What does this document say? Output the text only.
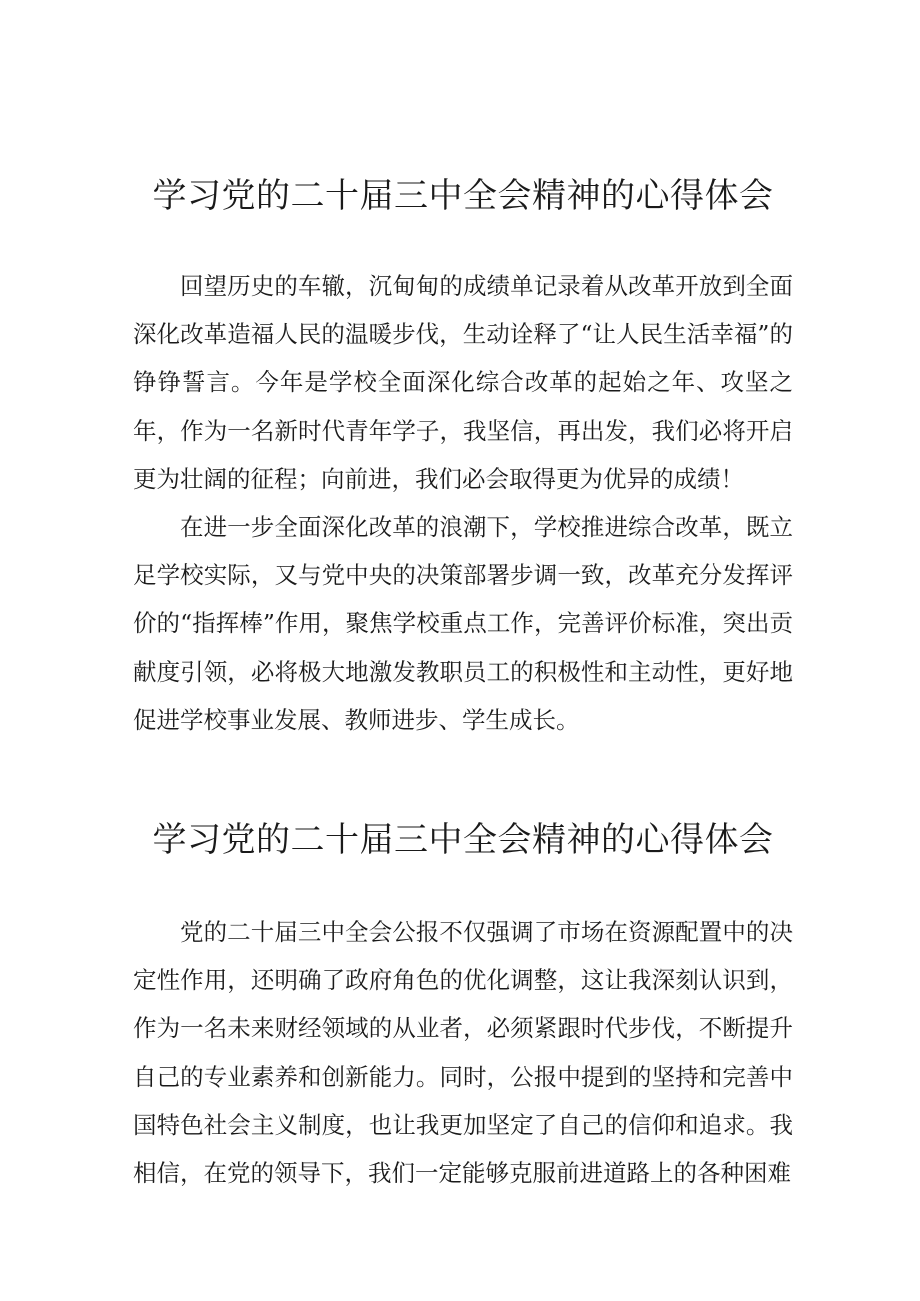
学习党的二十届三中全会精神的心得体会

回望历史的车辙，沉甸甸的成绩单记录着从改革开放到全面深化改革造福人民的温暖步伐，生动诠释了“让人民生活幸福”的铮铮誓言。今年是学校全面深化综合改革的起始之年、攻坚之年，作为一名新时代青年学子，我坚信，再出发，我们必将开启更为壮阔的征程；向前进，我们必会取得更为优异的成绩！

在进一步全面深化改革的浪潮下，学校推进综合改革，既立足学校实际，又与党中央的决策部署步调一致，改革充分发挥评价的“指挥棒”作用，聚焦学校重点工作，完善评价标准，突出贡献度引领，必将极大地激发教职员工的积极性和主动性，更好地促进学校事业发展、教师进步、学生成长。

学习党的二十届三中全会精神的心得体会

党的二十届三中全会公报不仅强调了市场在资源配置中的决定性作用，还明确了政府角色的优化调整，这让我深刻认识到，作为一名未来财经领域的从业者，必须紧跟时代步伐，不断提升自己的专业素养和创新能力。同时，公报中提到的坚持和完善中国特色社会主义制度，也让我更加坚定了自己的信仰和追求。我相信，在党的领导下，我们一定能够克服前进道路上的各种困难
